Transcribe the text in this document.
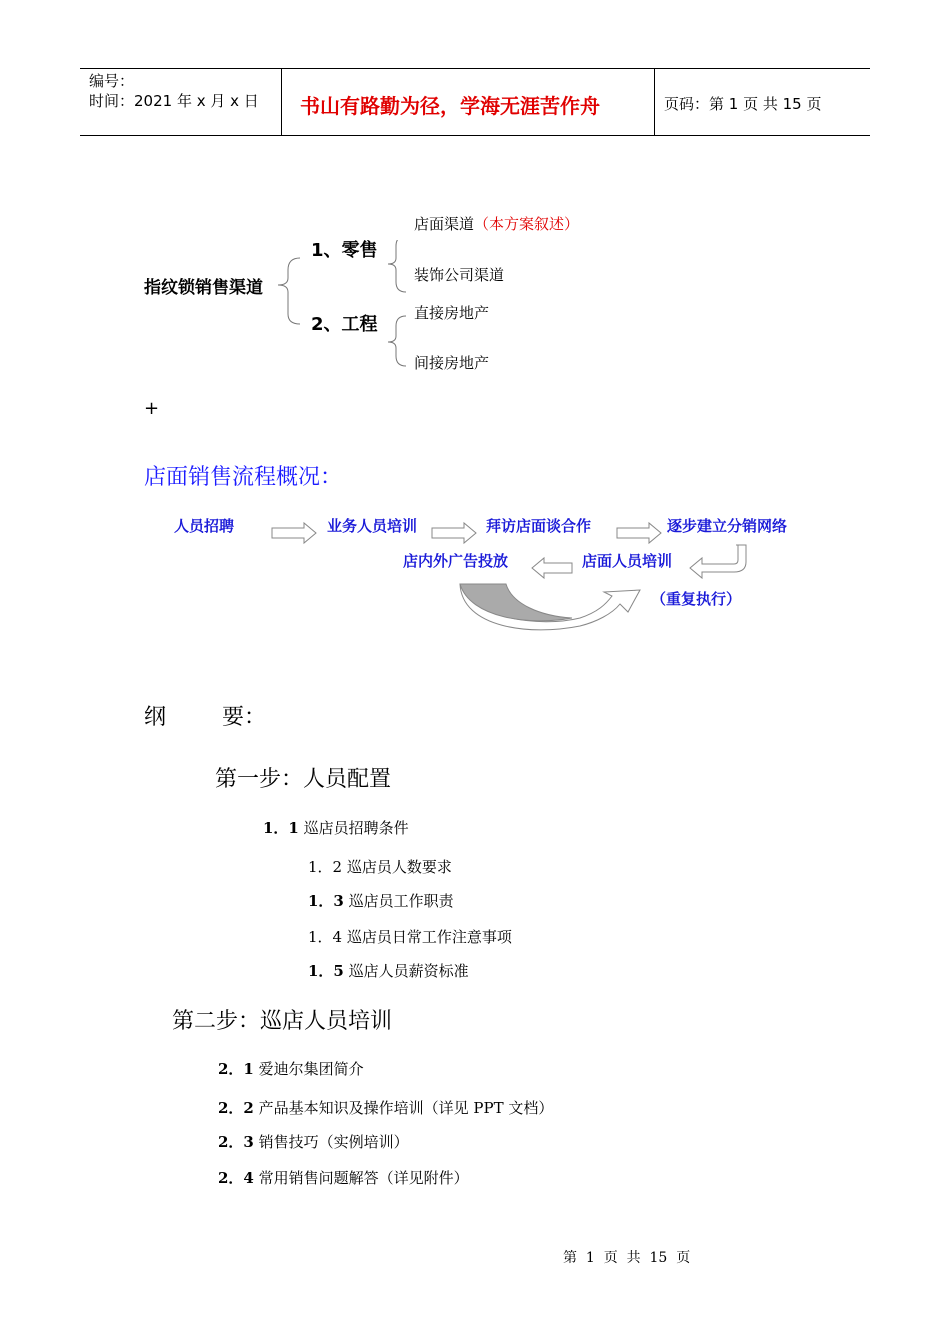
编号：
时间：2021 年 x 月 x 日 书山有路勤为径，学海无涯苦作舟	页码：第 1 页 共 15 页
指纹锁销售渠道
1、零售
2、工程
店面渠道（本方案叙述）
装饰公司渠道
直接房地产
间接房地产
+
店面销售流程概况：
人员招聘	业务人员培训	拜访店面谈合作	逐步建立分销网络
店面人员培训
店内外广告投放
（重复执行）
纲        要：
第一步：人员配置
1．1 巡店员招聘条件
1．2 巡店员人数要求
1．3 巡店员工作职责
1．4 巡店员日常工作注意事项
1．5 巡店人员薪资标准
第二步：巡店人员培训
2．1 爱迪尔集团简介
2．2 产品基本知识及操作培训（详见 PPT 文档）
2．3 销售技巧（实例培训）
2．4 常用销售问题解答（详见附件）
第  1  页  共  15  页
